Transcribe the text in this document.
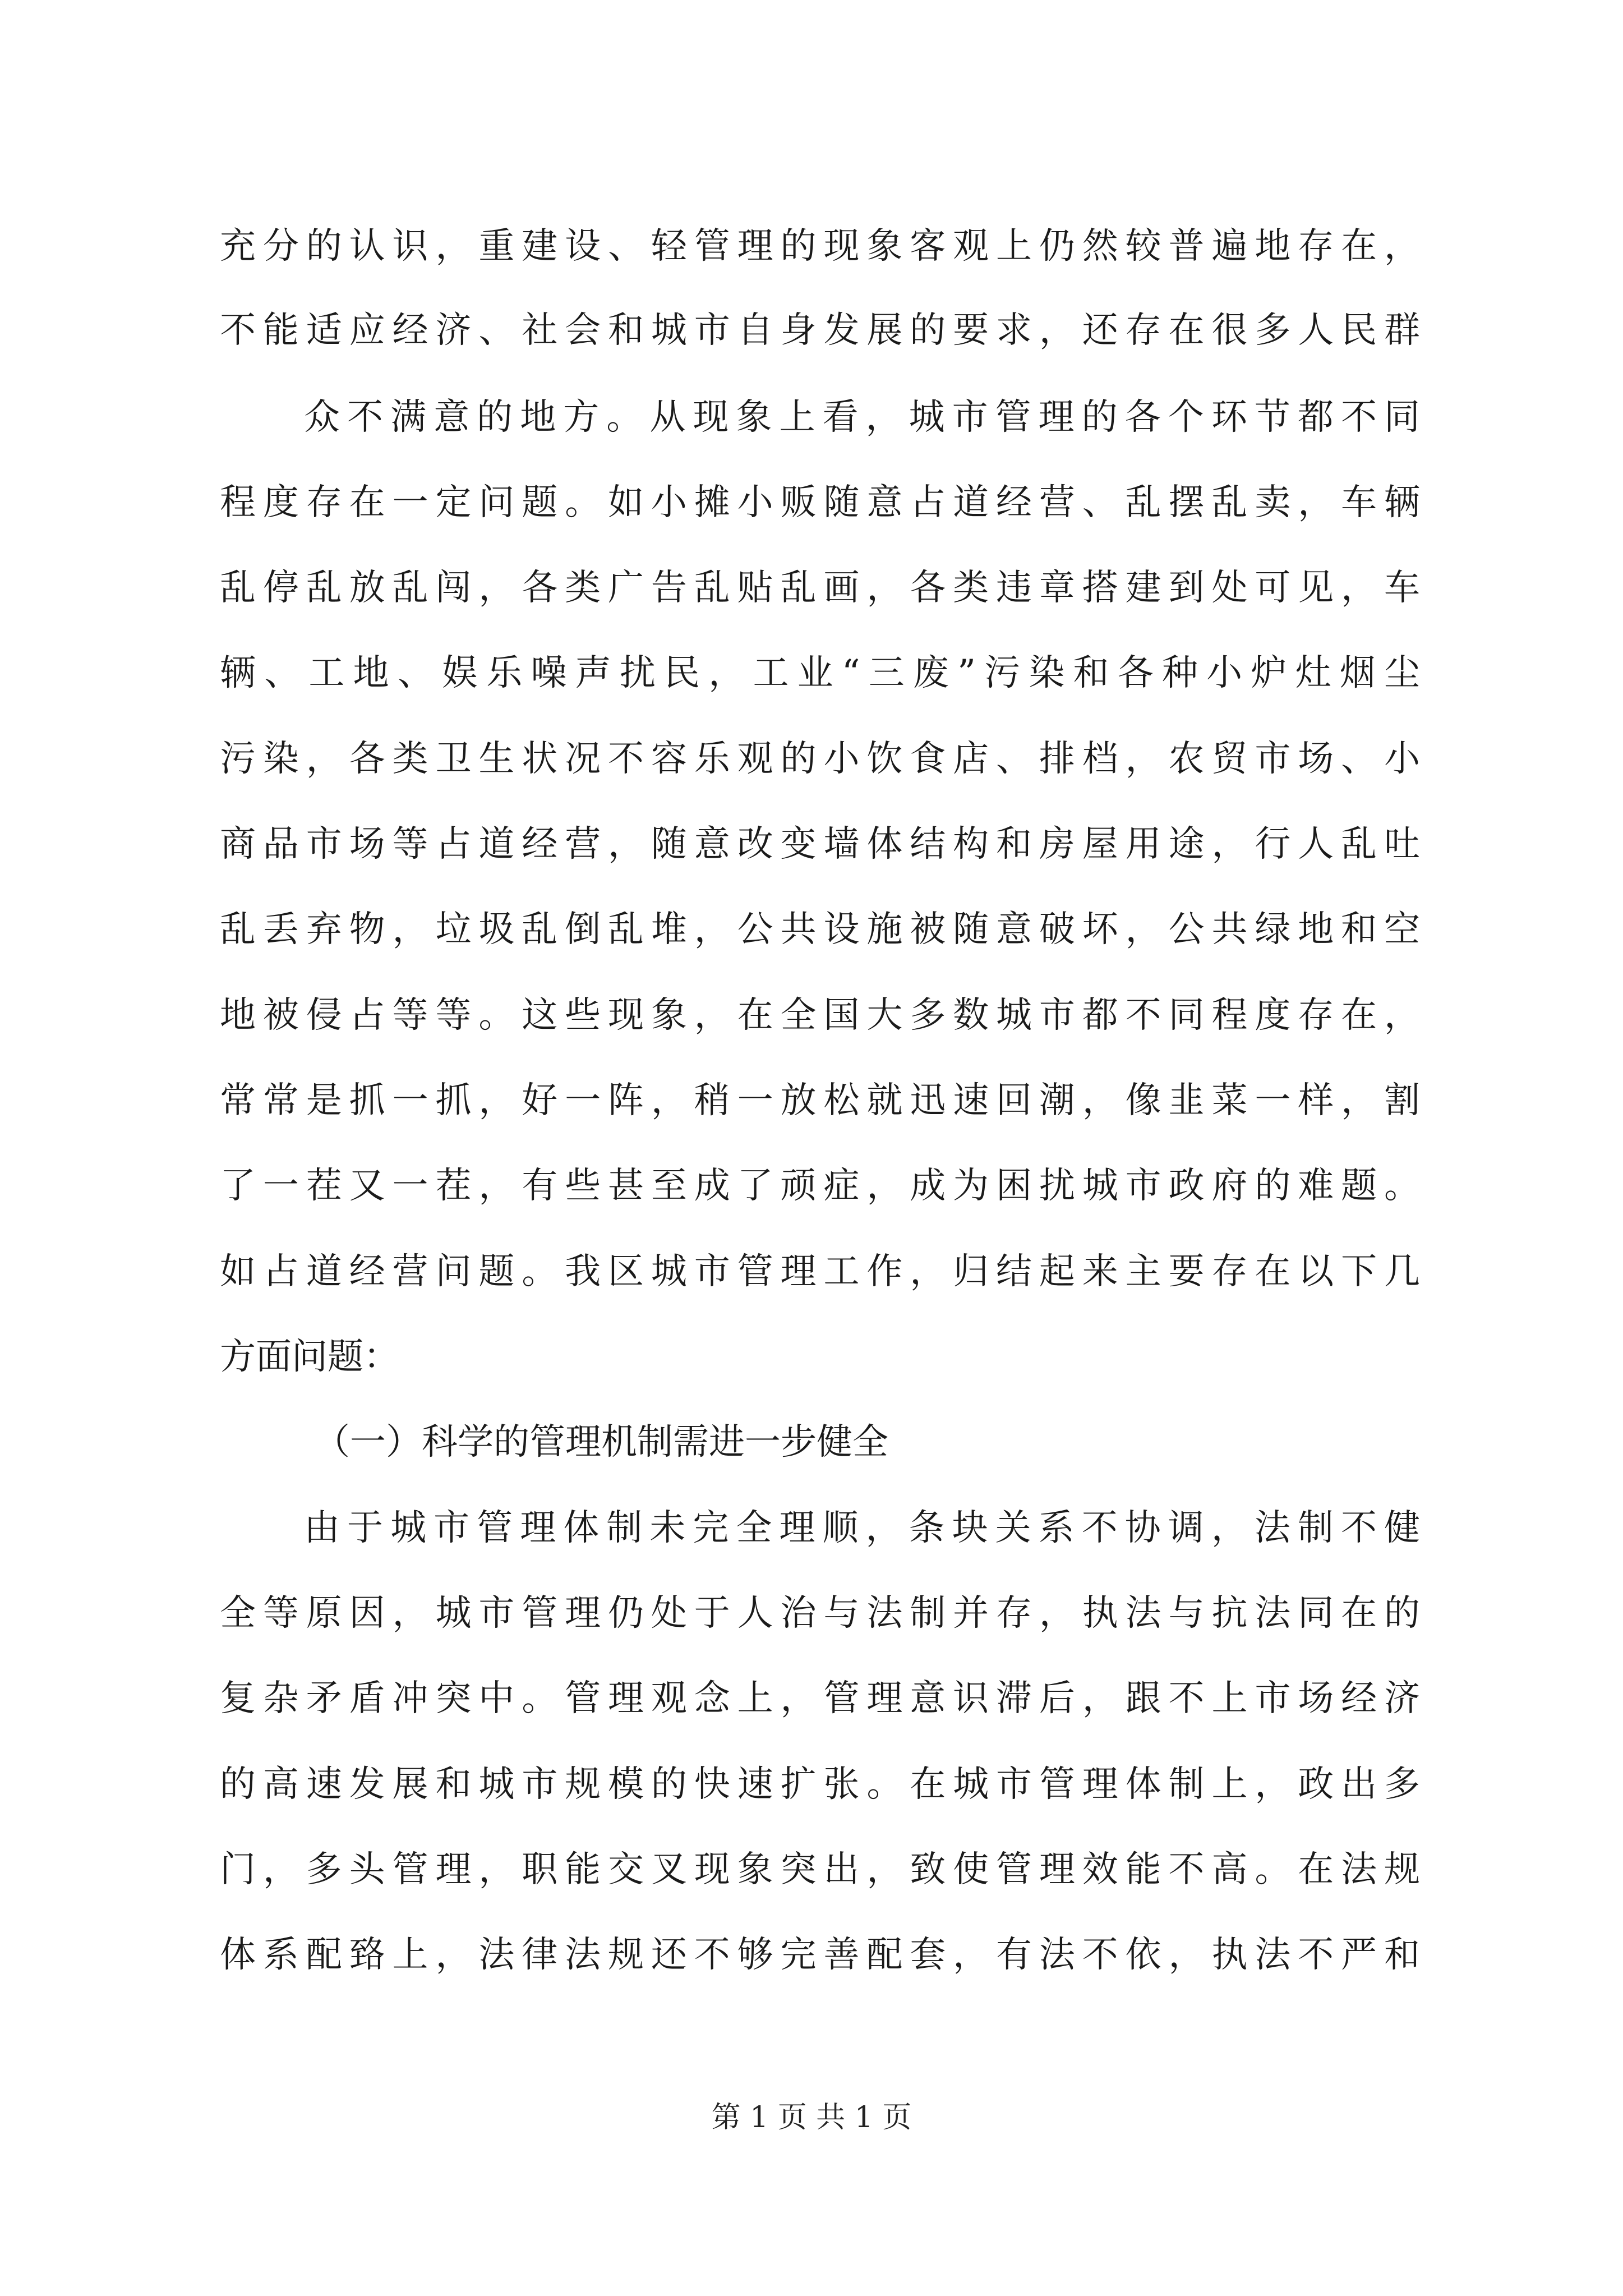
充分的认识，重建设、轻管理的现象客观上仍然较普遍地存在，
不能适应经济、社会和城市自身发展的要求，还存在很多人民群
众不满意的地方。从现象上看，城市管理的各个环节都不同
程度存在一定问题。如小摊小贩随意占道经营、乱摆乱卖，车辆
乱停乱放乱闯，各类广告乱贴乱画，各类违章搭建到处可见，车
辆、工地、娱乐噪声扰民，工业“三废”污染和各种小炉灶烟尘
污染，各类卫生状况不容乐观的小饮食店、排档，农贸市场、小
商品市场等占道经营，随意改变墙体结构和房屋用途，行人乱吐
乱丢弃物，垃圾乱倒乱堆，公共设施被随意破坏，公共绿地和空
地被侵占等等。这些现象，在全国大多数城市都不同程度存在，
常常是抓一抓，好一阵，稍一放松就迅速回潮，像韭菜一样，割
了一茬又一茬，有些甚至成了顽症，成为困扰城市政府的难题。
如占道经营问题。我区城市管理工作，归结起来主要存在以下几
方面问题：
（一）科学的管理机制需进一步健全
由于城市管理体制未完全理顺，条块关系不协调，法制不健
全等原因，城市管理仍处于人治与法制并存，执法与抗法同在的
复杂矛盾冲突中。管理观念上，管理意识滞后，跟不上市场经济
的高速发展和城市规模的快速扩张。在城市管理体制上，政出多
门，多头管理，职能交叉现象突出，致使管理效能不高。在法规
体系配臵上，法律法规还不够完善配套，有法不依，执法不严和
第 1 页 共 1 页
